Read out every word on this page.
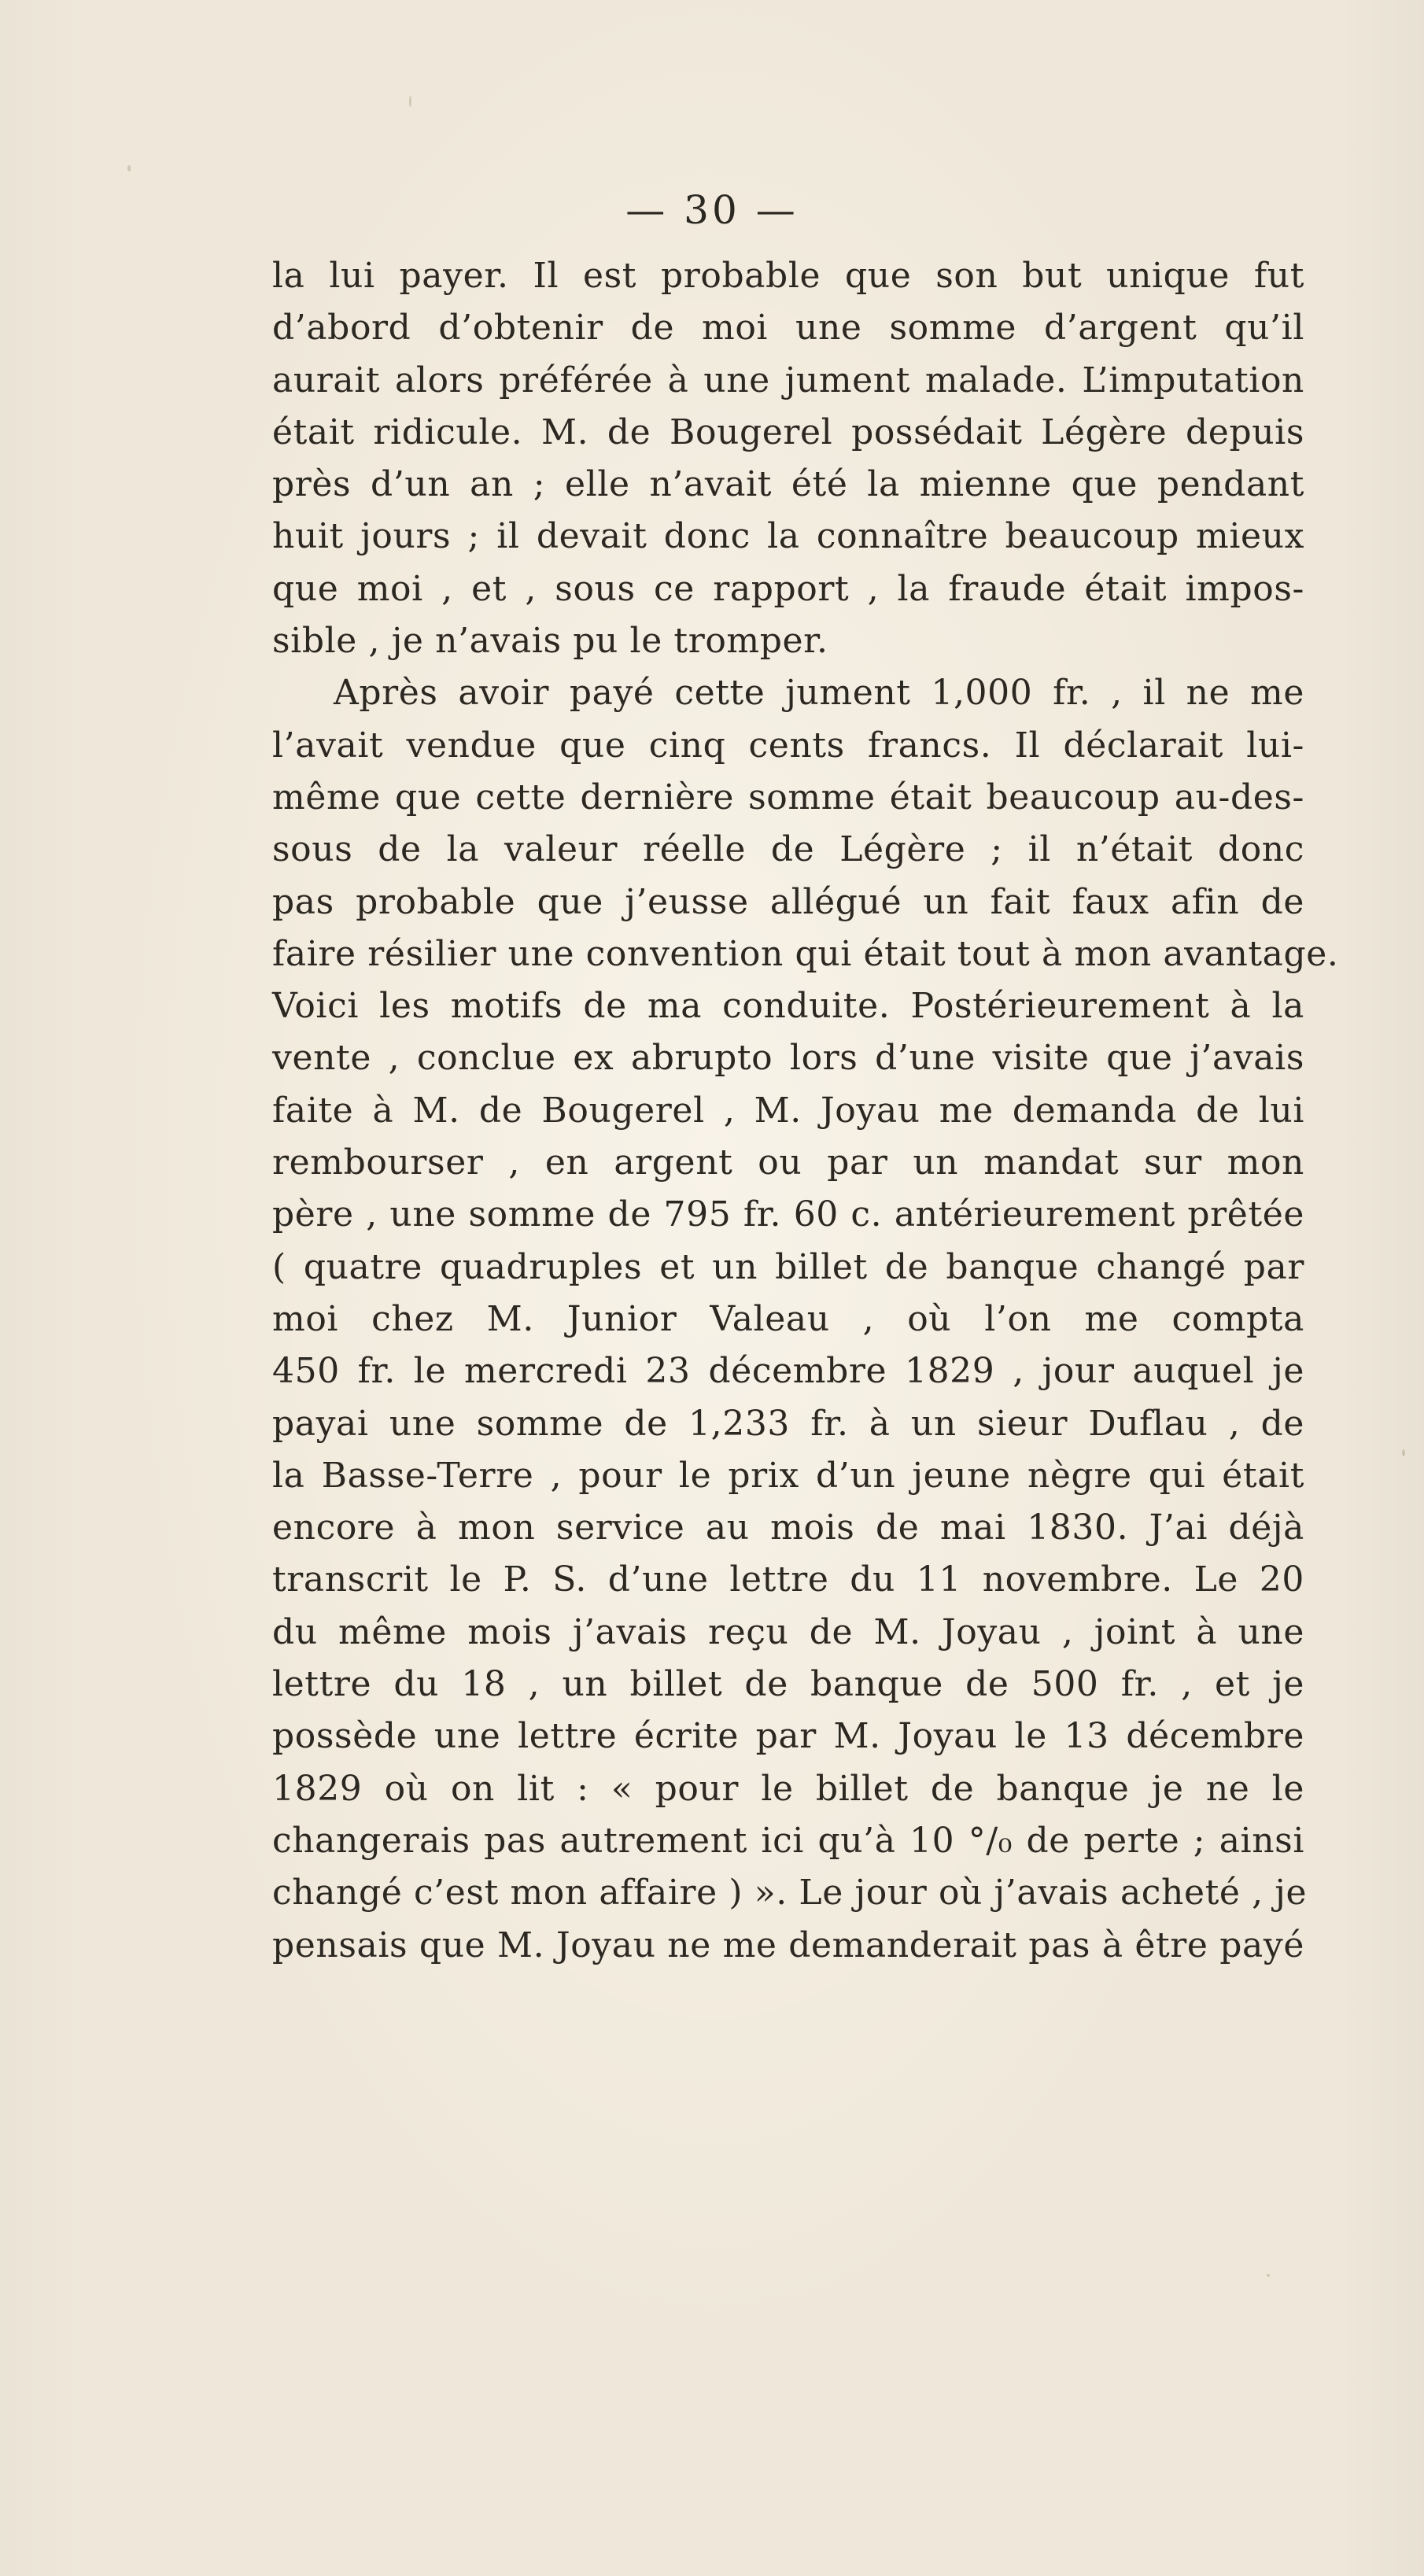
— 30 —
la lui payer. Il est probable que son but unique fut
d’abord d’obtenir de moi une somme d’argent qu’il
aurait alors préférée à une jument malade. L’imputation
était ridicule. M. de Bougerel possédait Légère depuis
près d’un an ; elle n’avait été la mienne que pendant
huit jours ; il devait donc la connaître beaucoup mieux
que moi , et , sous ce rapport , la fraude était impos-
sible , je n’avais pu le tromper.
Après avoir payé cette jument 1,000 fr. , il ne me
l’avait vendue que cinq cents francs. Il déclarait lui-
même que cette dernière somme était beaucoup au-des-
sous de la valeur réelle de Légère ; il n’était donc
pas probable que j’eusse allégué un fait faux afin de
faire résilier une convention qui était tout à mon avantage.
Voici les motifs de ma conduite. Postérieurement à la
vente , conclue ex abrupto lors d’une visite que j’avais
faite à M. de Bougerel , M. Joyau me demanda de lui
rembourser , en argent ou par un mandat sur mon
père , une somme de 795 fr. 60 c. antérieurement prêtée
( quatre quadruples et un billet de banque changé par
moi chez M. Junior Valeau , où l’on me compta
450 fr. le mercredi 23 décembre 1829 , jour auquel je
payai une somme de 1,233 fr. à un sieur Duflau , de
la Basse-Terre , pour le prix d’un jeune nègre qui était
encore à mon service au mois de mai 1830. J’ai déjà
transcrit le P. S. d’une lettre du 11 novembre. Le 20
du même mois j’avais reçu de M. Joyau , joint à une
lettre du 18 , un billet de banque de 500 fr. , et je
possède une lettre écrite par M. Joyau le 13 décembre
1829 où on lit : « pour le billet de banque je ne le
changerais pas autrement ici qu’à 10 °/₀ de perte ; ainsi
changé c’est mon affaire ) ». Le jour où j’avais acheté , je
pensais que M. Joyau ne me demanderait pas à être payé
